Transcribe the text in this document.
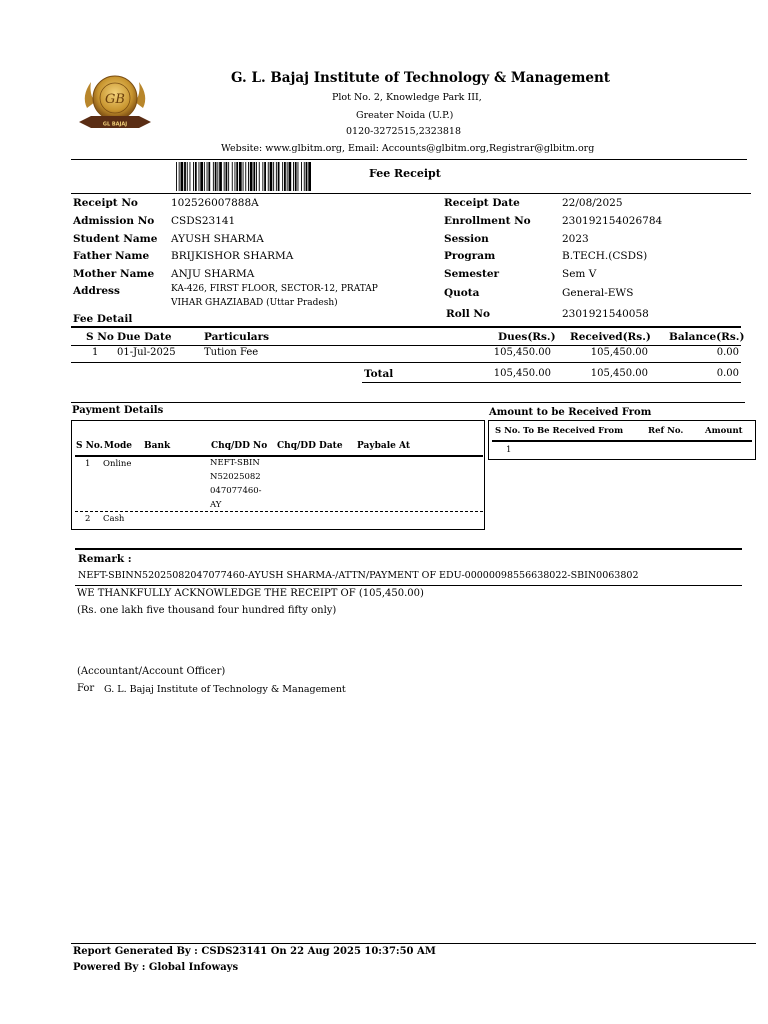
GB
GL BAJAJ
G. L. Bajaj Institute of Technology & Management
Plot No. 2, Knowledge Park III,
Greater Noida (U.P.)
0120-3272515,2323818
Website: www.glbitm.org, Email: Accounts@glbitm.org,Registrar@glbitm.org
Fee Receipt
Receipt No	102526007888A
Admission No CSDS23141
Student Name AYUSH SHARMA
Father Name BRIJKISHOR SHARMA
Mother Name ANJU SHARMA
Address	KA-426, FIRST FLOOR, SECTOR-12, PRATAP
VIHAR GHAZIABAD (Uttar Pradesh)
Receipt Date	22/08/2025
Enrollment No	230192154026784
Session	2023
Program	B.TECH.(CSDS)
Semester	Sem V
Quota	General-EWS
Roll No	2301921540058
Fee Detail
S No Due Date	Particulars	Dues(Rs.) Received(Rs.) Balance(Rs.)
1 01-Jul-2025	Tution Fee	105,450.00	105,450.00	0.00
Total	105,450.00	105,450.00	0.00
Payment Details
S No. Mode Bank	Chq/DD No Chq/DD Date Paybale At
1 Online	NEFT-SBIN
N52025082
047077460-
AY
2 Cash
Amount to be Received From
S No. To Be Received From	Ref No.	Amount
1
Remark :
NEFT-SBINN52025082047077460-AYUSH SHARMA-/ATTN/PAYMENT OF EDU-00000098556638022-SBIN0063802
WE THANKFULLY ACKNOWLEDGE THE RECEIPT OF (105,450.00)
(Rs. one lakh five thousand four hundred fifty only)
(Accountant/Account Officer)
For G. L. Bajaj Institute of Technology & Management
Report Generated By : CSDS23141 On 22 Aug 2025 10:37:50 AM
Powered By : Global Infoways
